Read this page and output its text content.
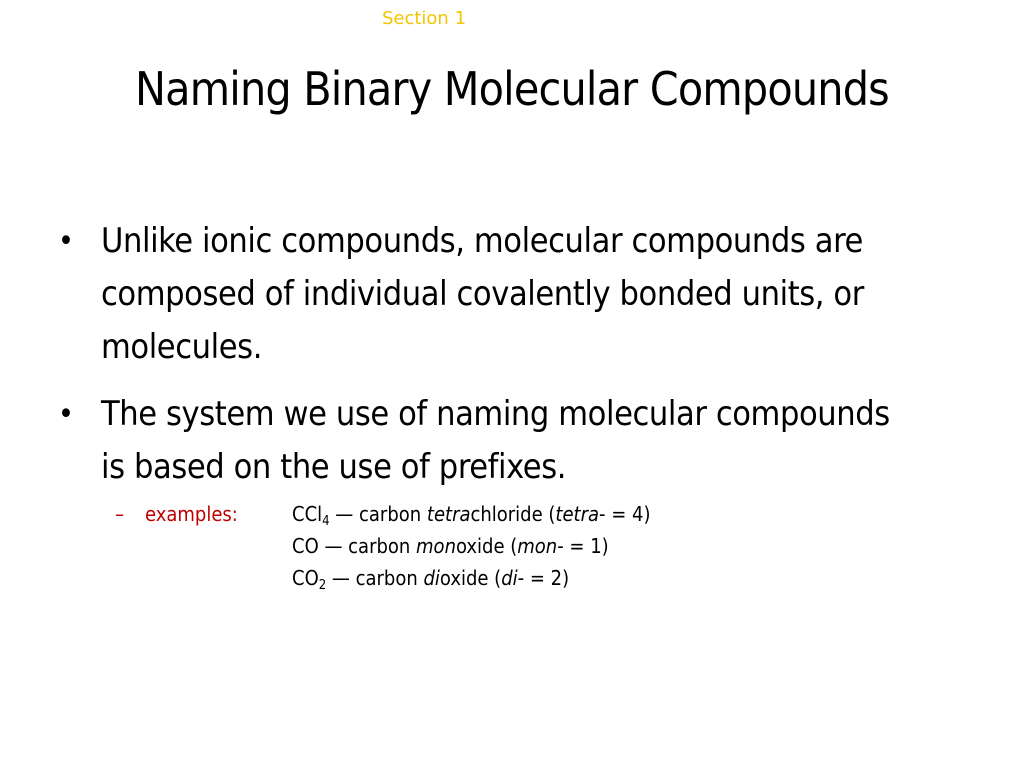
Section 1
Naming Binary Molecular Compounds
• Unlike ionic compounds, molecular compounds are composed of individual covalently bonded units, or molecules.
• The system we use of naming molecular compounds is based on the use of prefixes.
– examples:	CCl$_4$ — carbon tetrachloride (tetra- = 4)
CO — carbon monoxide (mon- = 1)
$CO_2$ — carbon dioxide (di- = 2)
